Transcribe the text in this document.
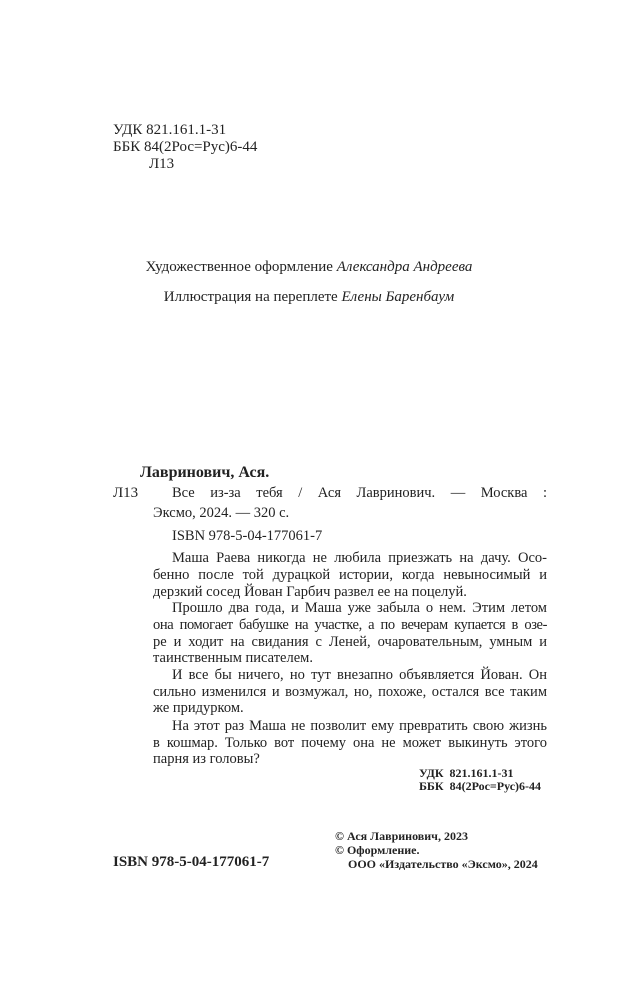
УДК 821.161.1-31
ББК 84(2Рос=Рус)6-44
Л13
Художественное оформление Александра Андреева
Иллюстрация на переплете Елены Баренбаум
Лавринович, Ася.
Л13 Все из-за тебя / Ася Лавринович. — Москва :
Эксмо, 2024. — 320 с.
ISBN 978-5-04-177061-7
Маша Раева никогда не любила приезжать на дачу. Осо-
бенно после той дурацкой истории, когда невыносимый и
дерзкий сосед Йован Гарбич развел ее на поцелуй.
Прошло два года, и Маша уже забыла о нем. Этим летом
она помогает бабушке на участке, а по вечерам купается в озе-
ре и ходит на свидания с Леней, очаровательным, умным и
таинственным писателем.
И все бы ничего, но тут внезапно объявляется Йован. Он
сильно изменился и возмужал, но, похоже, остался все таким
же придурком.
На этот раз Маша не позволит ему превратить свою жизнь
в кошмар. Только вот почему она не может выкинуть этого
парня из головы?
УДК  821.161.1-31
ББК  84(2Рос=Рус)6-44
ISBN 978-5-04-177061-7
© Ася Лавринович, 2023
© Оформление.
ООО «Издательство «Эксмо», 2024
